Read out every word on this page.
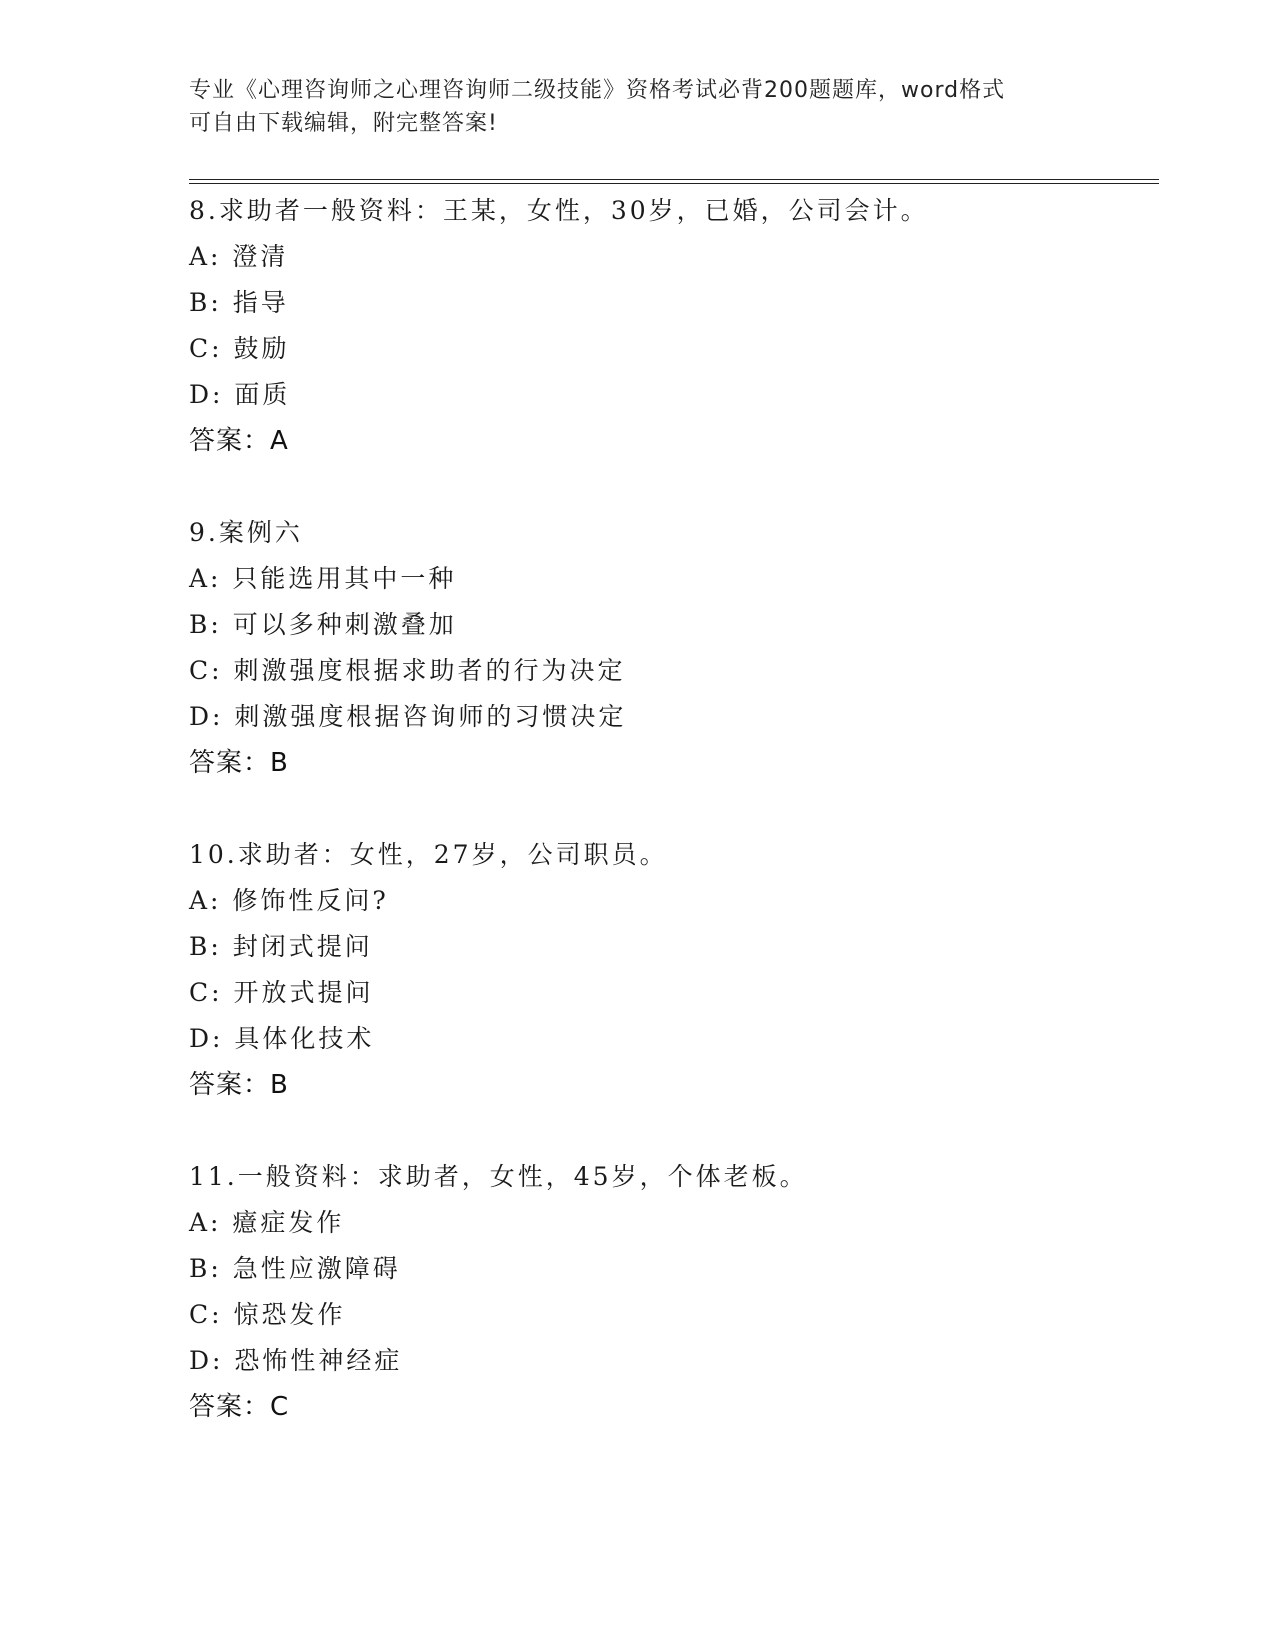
专业《心理咨询师之心理咨询师二级技能》资格考试必背200题题库，word格式

可自由下载编辑，附完整答案!

8.求助者一般资料：王某，女性，30岁，已婚，公司会计。
A: 澄清
B: 指导
C: 鼓励
D: 面质
答案：A
9.案例六
A: 只能选用其中一种
B: 可以多种刺激叠加
C: 刺激强度根据求助者的行为决定
D: 刺激强度根据咨询师的习惯决定
答案：B
10.求助者：女性，27岁，公司职员。
A: 修饰性反问?
B: 封闭式提问
C: 开放式提问
D: 具体化技术
答案：B
11.一般资料：求助者，女性，45岁，个体老板。
A: 癔症发作
B: 急性应激障碍
C: 惊恐发作
D: 恐怖性神经症
答案：C
